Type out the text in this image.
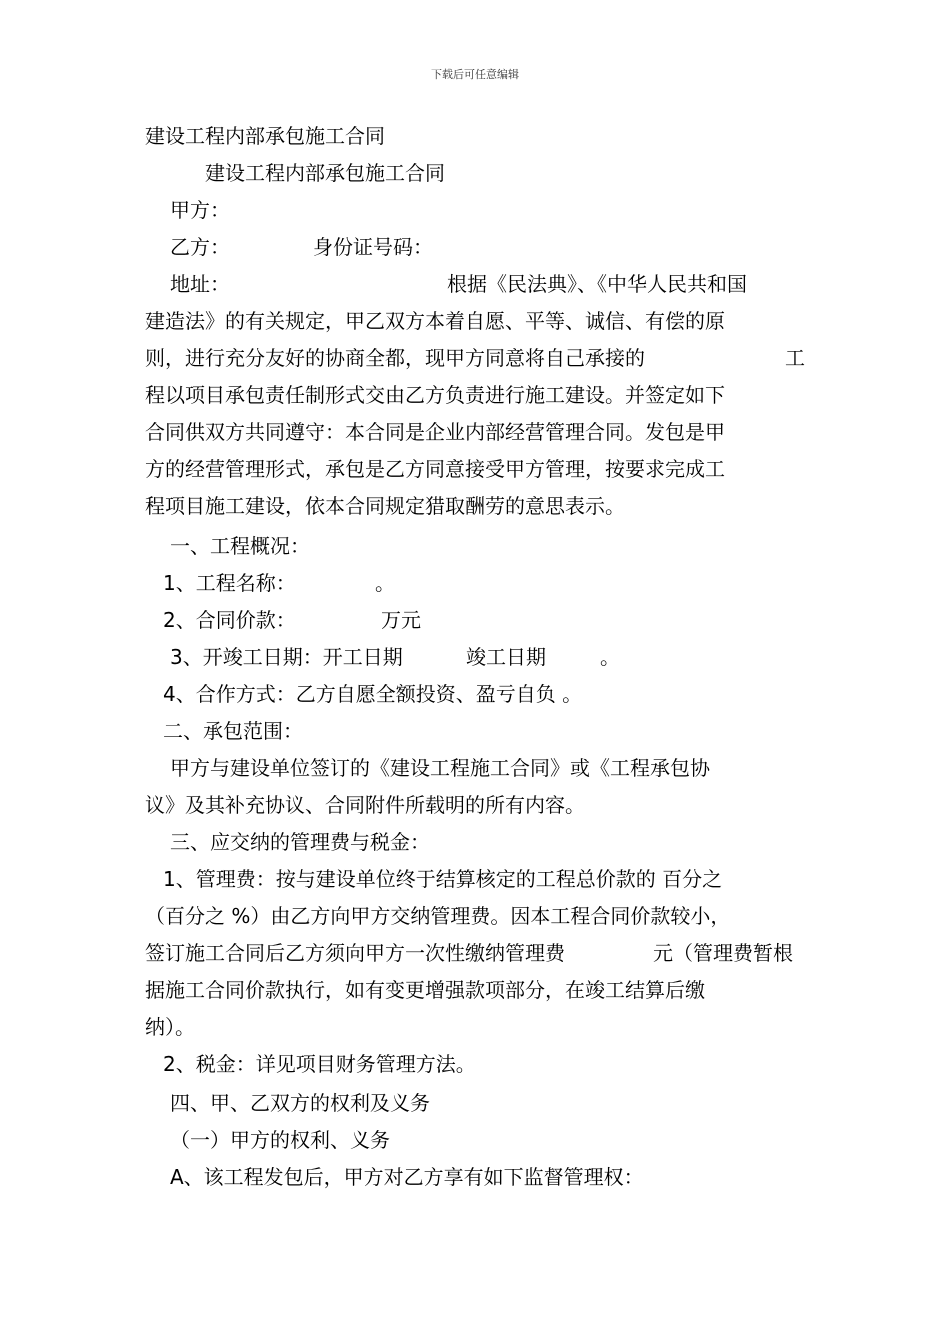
下载后可任意编辑
建设工程内部承包施工合同
建设工程内部承包施工合同
甲方：
乙方：	身份证号码：
地址：	根据《民法典》、《中华人民共和国
建造法》的有关规定，甲乙双方本着自愿、平等、诚信、有偿的原
则，进行充分友好的协商全都，现甲方同意将自己承接的	工
程以项目承包责任制形式交由乙方负责进行施工建设。并签定如下
合同供双方共同遵守：本合同是企业内部经营管理合同。发包是甲
方的经营管理形式，承包是乙方同意接受甲方管理，按要求完成工
程项目施工建设，依本合同规定猎取酬劳的意思表示。
一、工程概况：
1、工程名称：	。
2、合同价款：	万元
3、开竣工日期：开工日期	竣工日期	。
4、合作方式：乙方自愿全额投资、盈亏自负 。
二、承包范围：
甲方与建设单位签订的《建设工程施工合同》或《工程承包协
议》及其补充协议、合同附件所载明的所有内容。
三、应交纳的管理费与税金：
1、管理费：按与建设单位终于结算核定的工程总价款的 百分之
（百分之 %）由乙方向甲方交纳管理费。因本工程合同价款较小，
签订施工合同后乙方须向甲方一次性缴纳管理费	元（管理费暂根
据施工合同价款执行，如有变更增强款项部分，在竣工结算后缴
纳）。
2、税金：详见项目财务管理方法。
四、甲、乙双方的权利及义务
（一）甲方的权利、义务
A、该工程发包后，甲方对乙方享有如下监督管理权：
